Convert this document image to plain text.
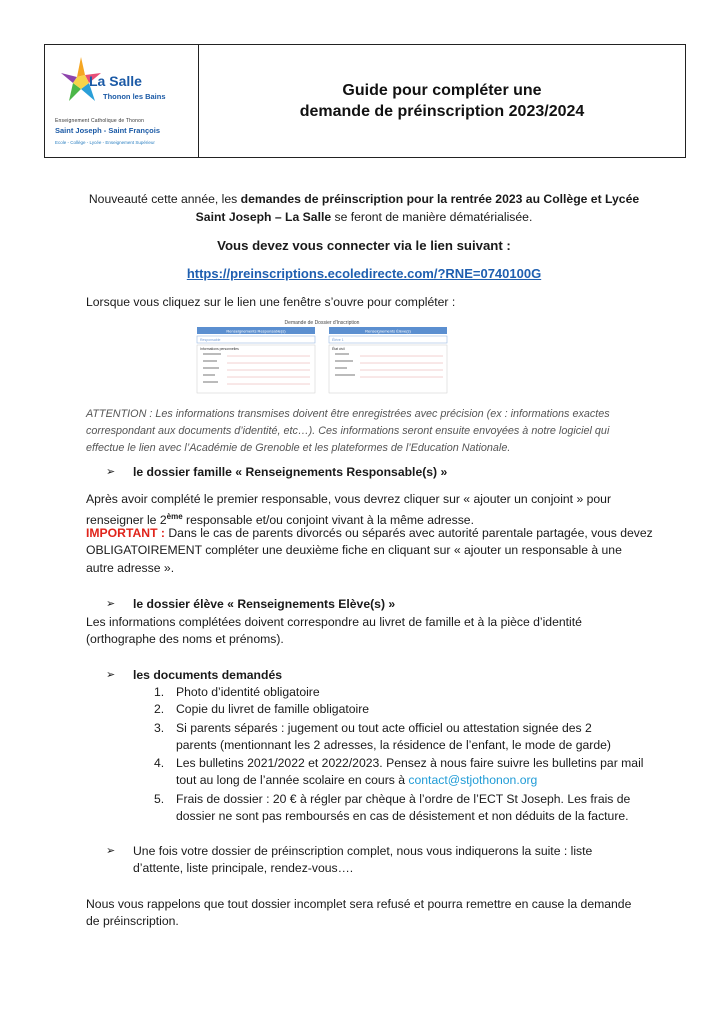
La Salle
Thonon les Bains
Enseignement Catholique de Thonon
Saint Joseph - Saint François
Ecole - Collège - Lycée - Enseignement Supérieur
Guide pour compléter une
demande de préinscription 2023/2024
Nouveauté cette année, les demandes de préinscription pour la rentrée 2023 au Collège et Lycée
Saint Joseph – La Salle se feront de manière dématérialisée.
Vous devez vous connecter via le lien suivant :
https://preinscriptions.ecoledirecte.com/?RNE=0740100G
Lorsque vous cliquez sur le lien une fenêtre s’ouvre pour compléter :
Demande de Dossier d'Inscription
Renseignements Responsable(s)	Renseignements Élève(s)
Responsable	Élève 1
Informations personnelles	État civil
ATTENTION : Les informations transmises doivent être enregistrées avec précision (ex : informations exactes
correspondant aux documents d’identité, etc…). Ces informations seront ensuite envoyées à notre logiciel qui
effectue le lien avec l’Académie de Grenoble et les plateformes de l’Education Nationale.
➢ le dossier famille « Renseignements Responsable(s) »
Après avoir complété le premier responsable, vous devrez cliquer sur « ajouter un conjoint » pour
renseigner le 2ème responsable et/ou conjoint vivant à la même adresse.
IMPORTANT : Dans le cas de parents divorcés ou séparés avec autorité parentale partagée, vous devez
OBLIGATOIREMENT compléter une deuxième fiche en cliquant sur « ajouter un responsable à une
autre adresse ».
➢ le dossier élève « Renseignements Elève(s) »
Les informations complétées doivent correspondre au livret de famille et à la pièce d’identité
(orthographe des noms et prénoms).
➢ les documents demandés
1. Photo d’identité obligatoire
2. Copie du livret de famille obligatoire
3. Si parents séparés : jugement ou tout acte officiel ou attestation signée des 2
parents (mentionnant les 2 adresses, la résidence de l’enfant, le mode de garde)
4. Les bulletins 2021/2022 et 2022/2023. Pensez à nous faire suivre les bulletins par mail
tout au long de l’année scolaire en cours à contact@stjothonon.org
5. Frais de dossier : 20 € à régler par chèque à l’ordre de l’ECT St Joseph. Les frais de
dossier ne sont pas remboursés en cas de désistement et non déduits de la facture.
➢ Une fois votre dossier de préinscription complet, nous vous indiquerons la suite : liste
d’attente, liste principale, rendez-vous….
Nous vous rappelons que tout dossier incomplet sera refusé et pourra remettre en cause la demande
de préinscription.
